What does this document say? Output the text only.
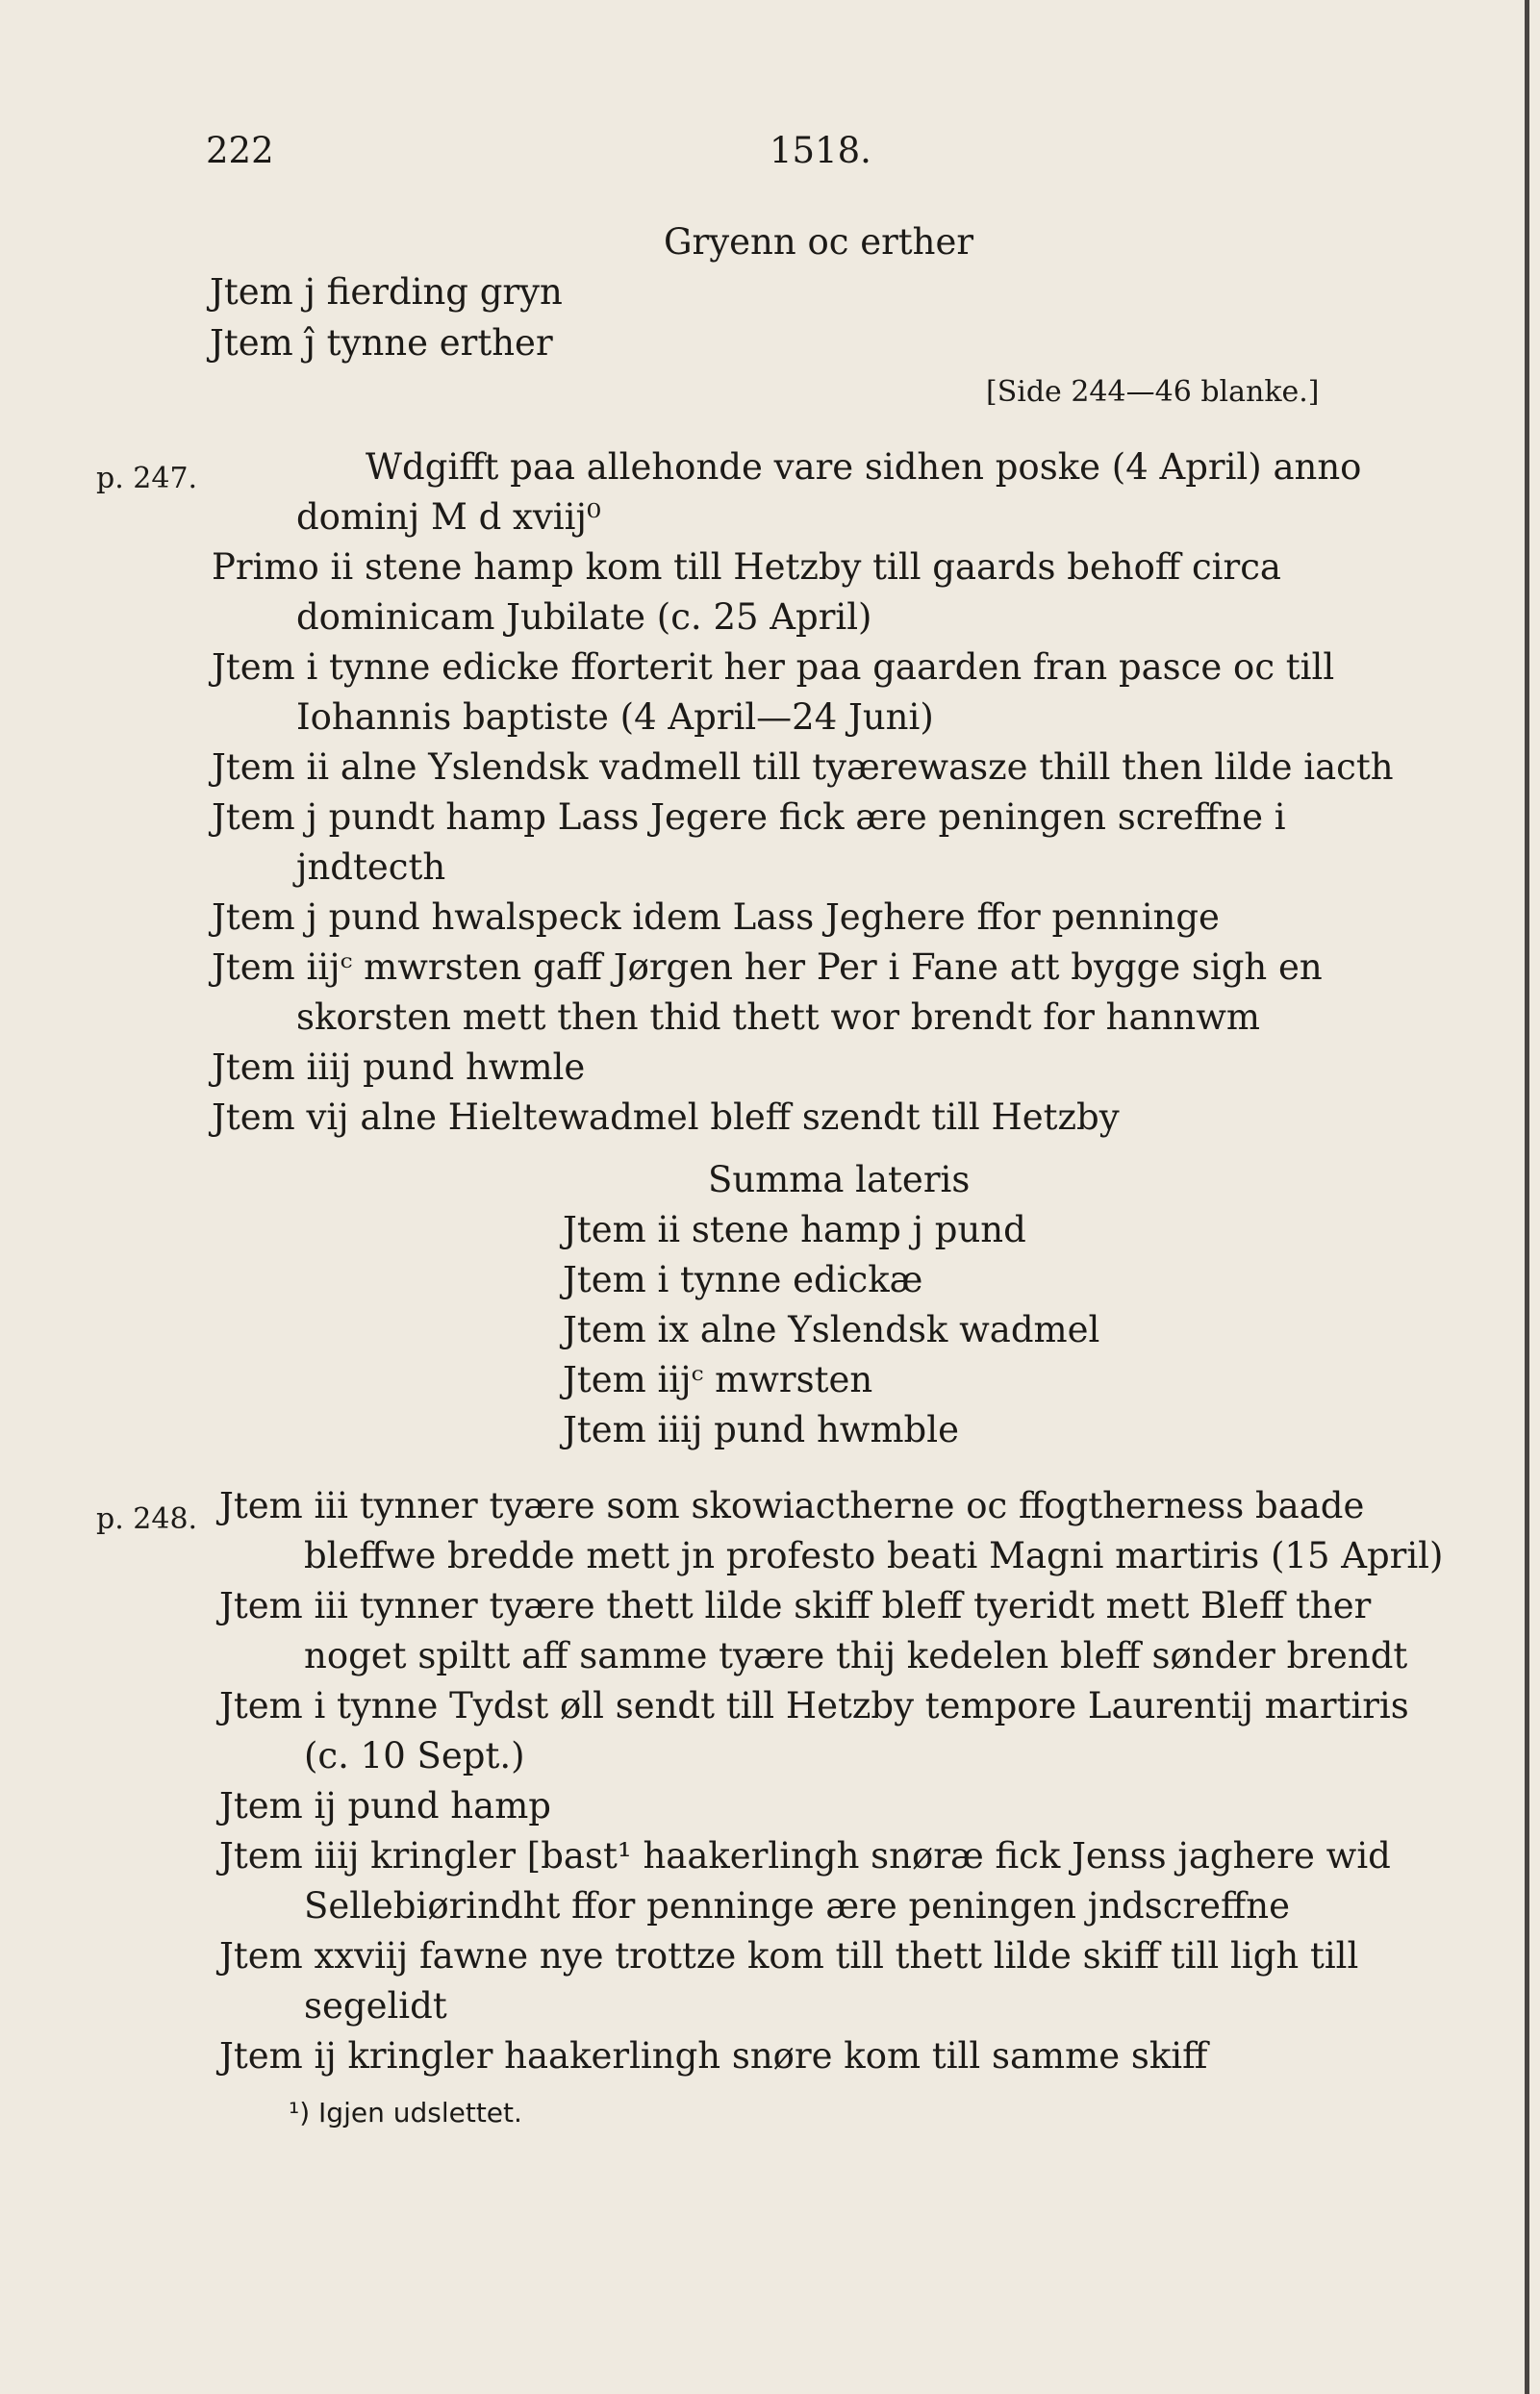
222	1518.
Gryenn oc erther
Jtem j fierding gryn
Jtem ĵ tynne erther
[Side 244—46 blanke.]
p. 247.	Wdgifft paa allehonde vare sidhen poske (4 April) anno
dominj M d xviij⁰
Primo ii stene hamp kom till Hetzby till gaards behoff circa
dominicam Jubilate (c. 25 April)
Jtem i tynne edicke fforterit her paa gaarden fran pasce oc till
Iohannis baptiste (4 April—24 Juni)
Jtem ii alne Yslendsk vadmell till tyærewasze thill then lilde iacth
Jtem j pundt hamp Lass Jegere fick ære peningen screffne i
jndtecth
Jtem j pund hwalspeck idem Lass Jeghere ffor penninge
Jtem iijᶜ mwrsten gaff Jørgen her Per i Fane att bygge sigh en
skorsten mett then thid thett wor brendt for hannwm
Jtem iiij pund hwmle
Jtem vij alne Hieltewadmel bleff szendt till Hetzby
Summa lateris
Jtem ii stene hamp j pund
Jtem i tynne edickæ
Jtem ix alne Yslendsk wadmel
Jtem iijᶜ mwrsten
Jtem iiij pund hwmble
p. 248. Jtem iii tynner tyære som skowiactherne oc ffogtherness baade
bleffwe bredde mett jn profesto beati Magni martiris (15 April)
Jtem iii tynner tyære thett lilde skiff bleff tyeridt mett Bleff ther
noget spiltt aff samme tyære thij kedelen bleff sønder brendt
Jtem i tynne Tydst øll sendt till Hetzby tempore Laurentij martiris
(c. 10 Sept.)
Jtem ij pund hamp
Jtem iiij kringler [bast¹ haakerlingh snøræ fick Jenss jaghere wid
Sellebiørindht ffor penninge ære peningen jndscreffne
Jtem xxviij fawne nye trottze kom till thett lilde skiff till ligh till
segelidt
Jtem ij kringler haakerlingh snøre kom till samme skiff
¹) Igjen udslettet.
